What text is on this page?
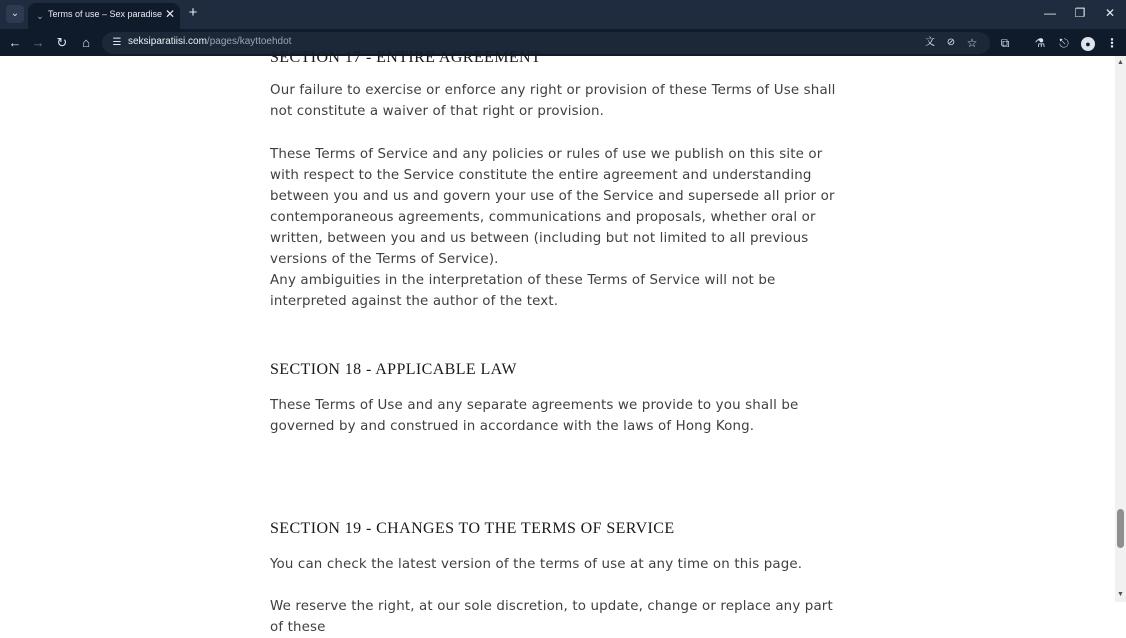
⌄	⌄ Terms of use – Sex paradise ✕ +	—	❐	✕
← → ↻	⌂	☰ seksiparatiisi.com/pages/kayttoehdot	文	⊘ ☆	⧉	⚗	⎋	●	⋮
SECTION 17 - ENTIRE AGREEMENT

Our failure to exercise or enforce any right or provision of these Terms of Use shall not constitute a waiver of that right or provision.

These Terms of Service and any policies or rules of use we publish on this site or with respect to the Service constitute the entire agreement and understanding between you and us and govern your use of the Service and supersede all prior or contemporaneous agreements, communications and proposals, whether oral or written, between you and us between (including but not limited to all previous versions of the Terms of Service).

Any ambiguities in the interpretation of these Terms of Service will not be interpreted against the author of the text.

SECTION 18 - APPLICABLE LAW

These Terms of Use and any separate agreements we provide to you shall be governed by and construed in accordance with the laws of Hong Kong.

SECTION 19 - CHANGES TO THE TERMS OF SERVICE

You can check the latest version of the terms of use at any time on this page.

We reserve the right, at our sole discretion, to update, change or replace any part of these

▲
▼
